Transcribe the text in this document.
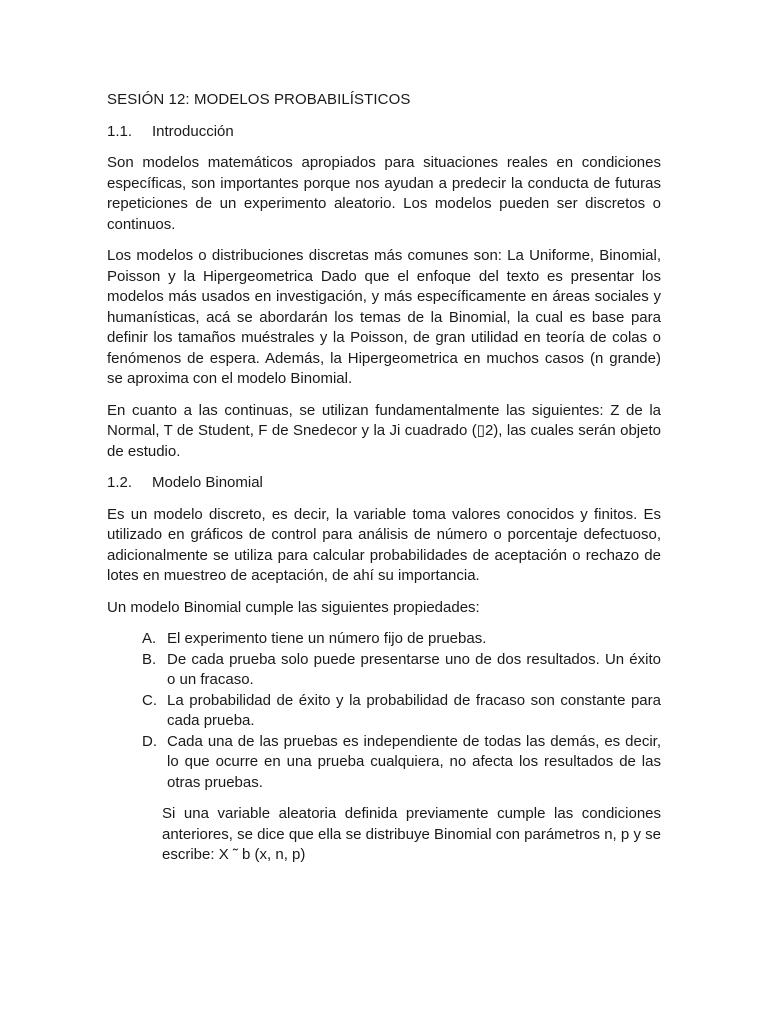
SESIÓN 12: MODELOS PROBABILÍSTICOS
1.1.	Introducción

Son modelos matemáticos apropiados para situaciones reales en condiciones específicas, son importantes porque nos ayudan a predecir la conducta de futuras repeticiones de un experimento aleatorio. Los modelos pueden ser discretos o continuos.

Los modelos o distribuciones discretas más comunes son: La Uniforme, Binomial, Poisson y la Hipergeometrica Dado que el enfoque del texto es presentar los modelos más usados en investigación, y más específicamente en áreas sociales y humanísticas, acá se abordarán los temas de la Binomial, la cual es base para definir los tamaños muéstrales y la Poisson, de gran utilidad en teoría de colas o fenómenos de espera. Además, la Hipergeometrica en muchos casos (n grande) se aproxima con el modelo Binomial.

En cuanto a las continuas, se utilizan fundamentalmente las siguientes: Z de la Normal, T de Student, F de Snedecor y la Ji cuadrado (▯2), las cuales serán objeto de estudio.

1.2.	Modelo Binomial

Es un modelo discreto, es decir, la variable toma valores conocidos y finitos. Es utilizado en gráficos de control para análisis de número o porcentaje defectuoso, adicionalmente se utiliza para calcular probabilidades de aceptación o rechazo de lotes en muestreo de aceptación, de ahí su importancia.

Un modelo Binomial cumple las siguientes propiedades:

A. El experimento tiene un número fijo de pruebas.
B. De cada prueba solo puede presentarse uno de dos resultados. Un éxito o un fracaso.
C. La probabilidad de éxito y la probabilidad de fracaso son constante para cada prueba.
D. Cada una de las pruebas es independiente de todas las demás, es decir, lo que ocurre en una prueba cualquiera, no afecta los resultados de las otras pruebas.

Si una variable aleatoria definida previamente cumple las condiciones anteriores, se dice que ella se distribuye Binomial con parámetros n, p y se escribe: X ˜ b (x, n, p)
